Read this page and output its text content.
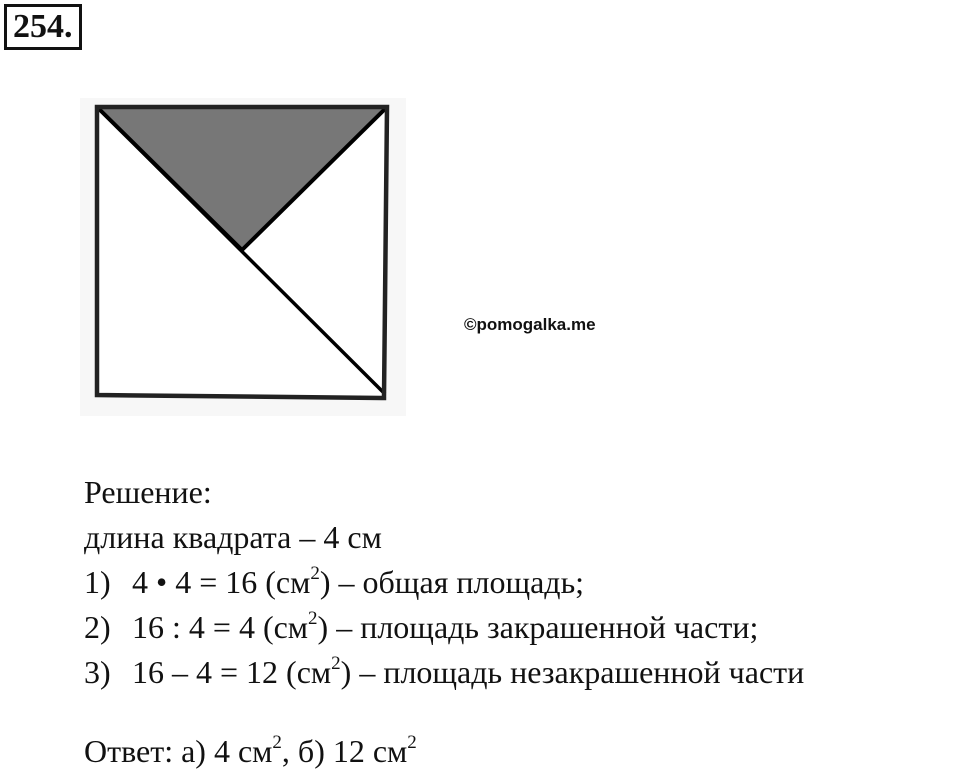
254.
©pomogalka.me
Решение:
длина квадрата – 4 см
1) 4 • 4 = 16 $(см^2)$ – общая площадь;
2) 16 : 4 = 4 $(см^2)$ – площадь закрашенной части;
3) 16 – 4 = 12 $(см^2)$ – площадь незакрашенной части
Ответ: а) 4 $см^2$, б) 12 $см^2$
